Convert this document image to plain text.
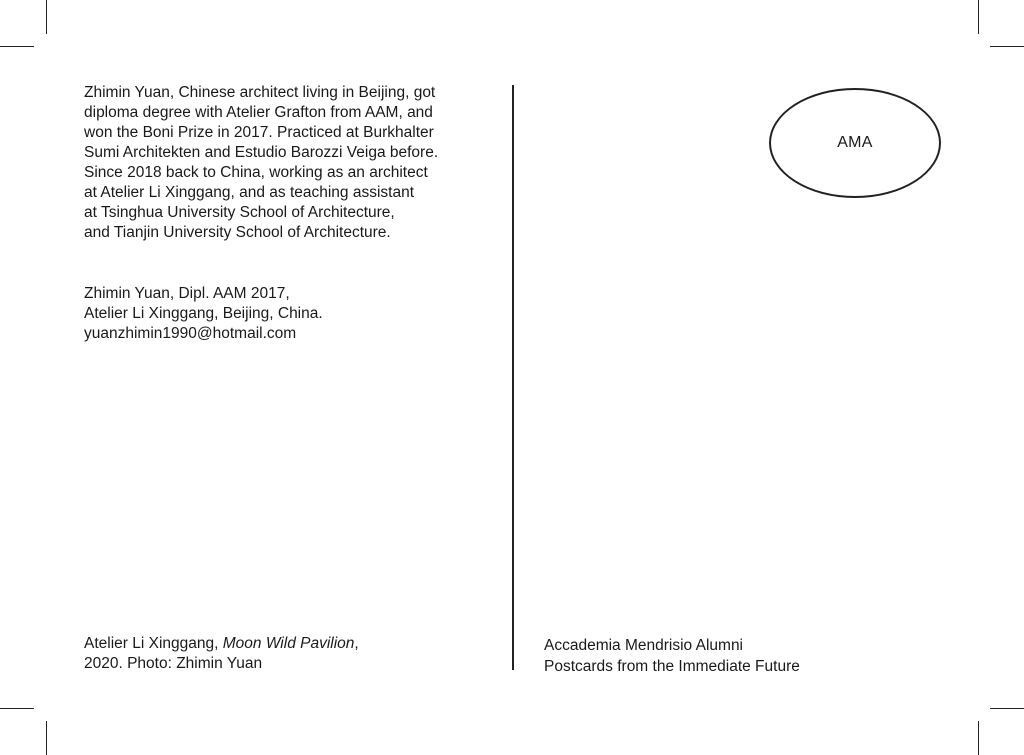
Zhimin Yuan, Chinese architect living in Beijing, got
diploma degree with Atelier Grafton from AAM, and
won the Boni Prize in 2017. Practiced at Burkhalter
Sumi Architekten and Estudio Barozzi Veiga before.
Since 2018 back to China, working as an architect
at Atelier Li Xinggang, and as teaching assistant
at Tsinghua University School of Architecture,
and Tianjin University School of Architecture.
Zhimin Yuan, Dipl. AAM 2017,
Atelier Li Xinggang, Beijing, China.
yuanzhimin1990@hotmail.com
Atelier Li Xinggang, Moon Wild Pavilion,
2020. Photo: Zhimin Yuan
AMA
Accademia Mendrisio Alumni
Postcards from the Immediate Future
